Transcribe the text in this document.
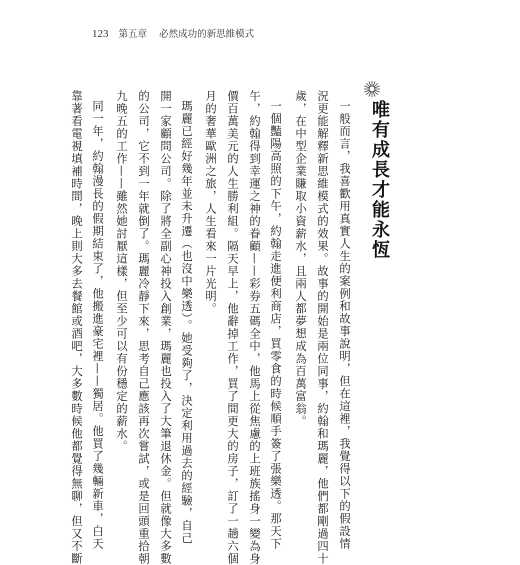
123 第五章 必然成功的新思維模式
唯有成長才能永恆
一般而言，我喜歡用真實人生的案例和故事說明，但在這裡，我覺得以下的假設情
況更能解釋新思維模式的效果。故事的開始是兩位同事，約翰和瑪麗，他們都剛過四十
歲，在中型企業賺取小資薪水，且兩人都夢想成為百萬富翁。
一個豔陽高照的下午，約翰走進便利商店，買零食的時候順手簽了張樂透。那天下
午，約翰得到幸運之神的眷顧——彩券五碼全中，他馬上從焦慮的上班族搖身一變為身
價百萬美元的人生勝利組。隔天早上，他辭掉工作，買了間更大的房子，訂了一趟六個
月的奢華歐洲之旅，人生看來一片光明。
瑪麗已經好幾年並未升遷（也沒中樂透）。她受夠了，決定利用過去的經驗，自己
開一家顧問公司。除了將全副心神投入創業，瑪麗也投入了大筆退休金。但就像大多數
的公司，它不到一年就倒了。瑪麗冷靜下來，思考自己應該再次嘗試，或是回頭重拾朝
九晚五的工作——雖然她討厭這樣，但至少可以有份穩定的薪水。
同一年，約翰漫長的假期結束了，他搬進豪宅裡——獨居。他買了幾輛新車，白天
靠著看電視填補時間，晚上則大多去餐館或酒吧，大多數時候他都覺得無聊，但又不斷
